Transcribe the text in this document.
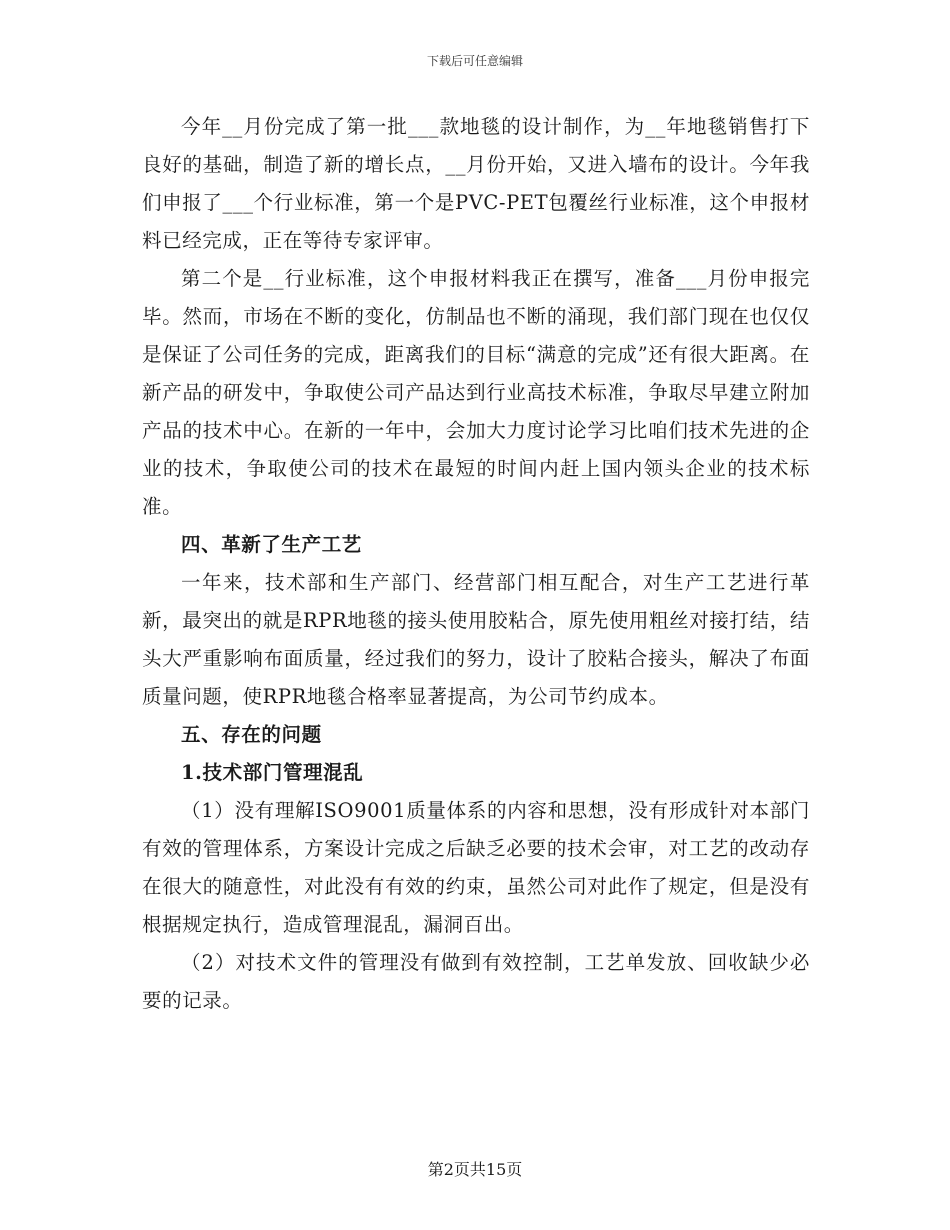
下载后可任意编辑

今年__月份完成了第一批___款地毯的设计制作，为__年地毯销售打下良好的基础，制造了新的增长点，__月份开始，又进入墙布的设计。今年我们申报了___个行业标准，第一个是PVC-PET包覆丝行业标准，这个申报材料已经完成，正在等待专家评审。

第二个是__行业标准，这个申报材料我正在撰写，准备___月份申报完毕。然而，市场在不断的变化，仿制品也不断的涌现，我们部门现在也仅仅是保证了公司任务的完成，距离我们的目标“满意的完成”还有很大距离。在新产品的研发中，争取使公司产品达到行业高技术标准，争取尽早建立附加产品的技术中心。在新的一年中，会加大力度讨论学习比咱们技术先进的企业的技术，争取使公司的技术在最短的时间内赶上国内领头企业的技术标准。

四、革新了生产工艺

一年来，技术部和生产部门、经营部门相互配合，对生产工艺进行革新，最突出的就是RPR地毯的接头使用胶粘合，原先使用粗丝对接打结，结头大严重影响布面质量，经过我们的努力，设计了胶粘合接头，解决了布面质量问题，使RPR地毯合格率显著提高，为公司节约成本。

五、存在的问题

1.技术部门管理混乱

（1）没有理解ISO9001质量体系的内容和思想，没有形成针对本部门有效的管理体系，方案设计完成之后缺乏必要的技术会审，对工艺的改动存在很大的随意性，对此没有有效的约束，虽然公司对此作了规定，但是没有根据规定执行，造成管理混乱，漏洞百出。

（2）对技术文件的管理没有做到有效控制，工艺单发放、回收缺少必要的记录。

第2页共15页
